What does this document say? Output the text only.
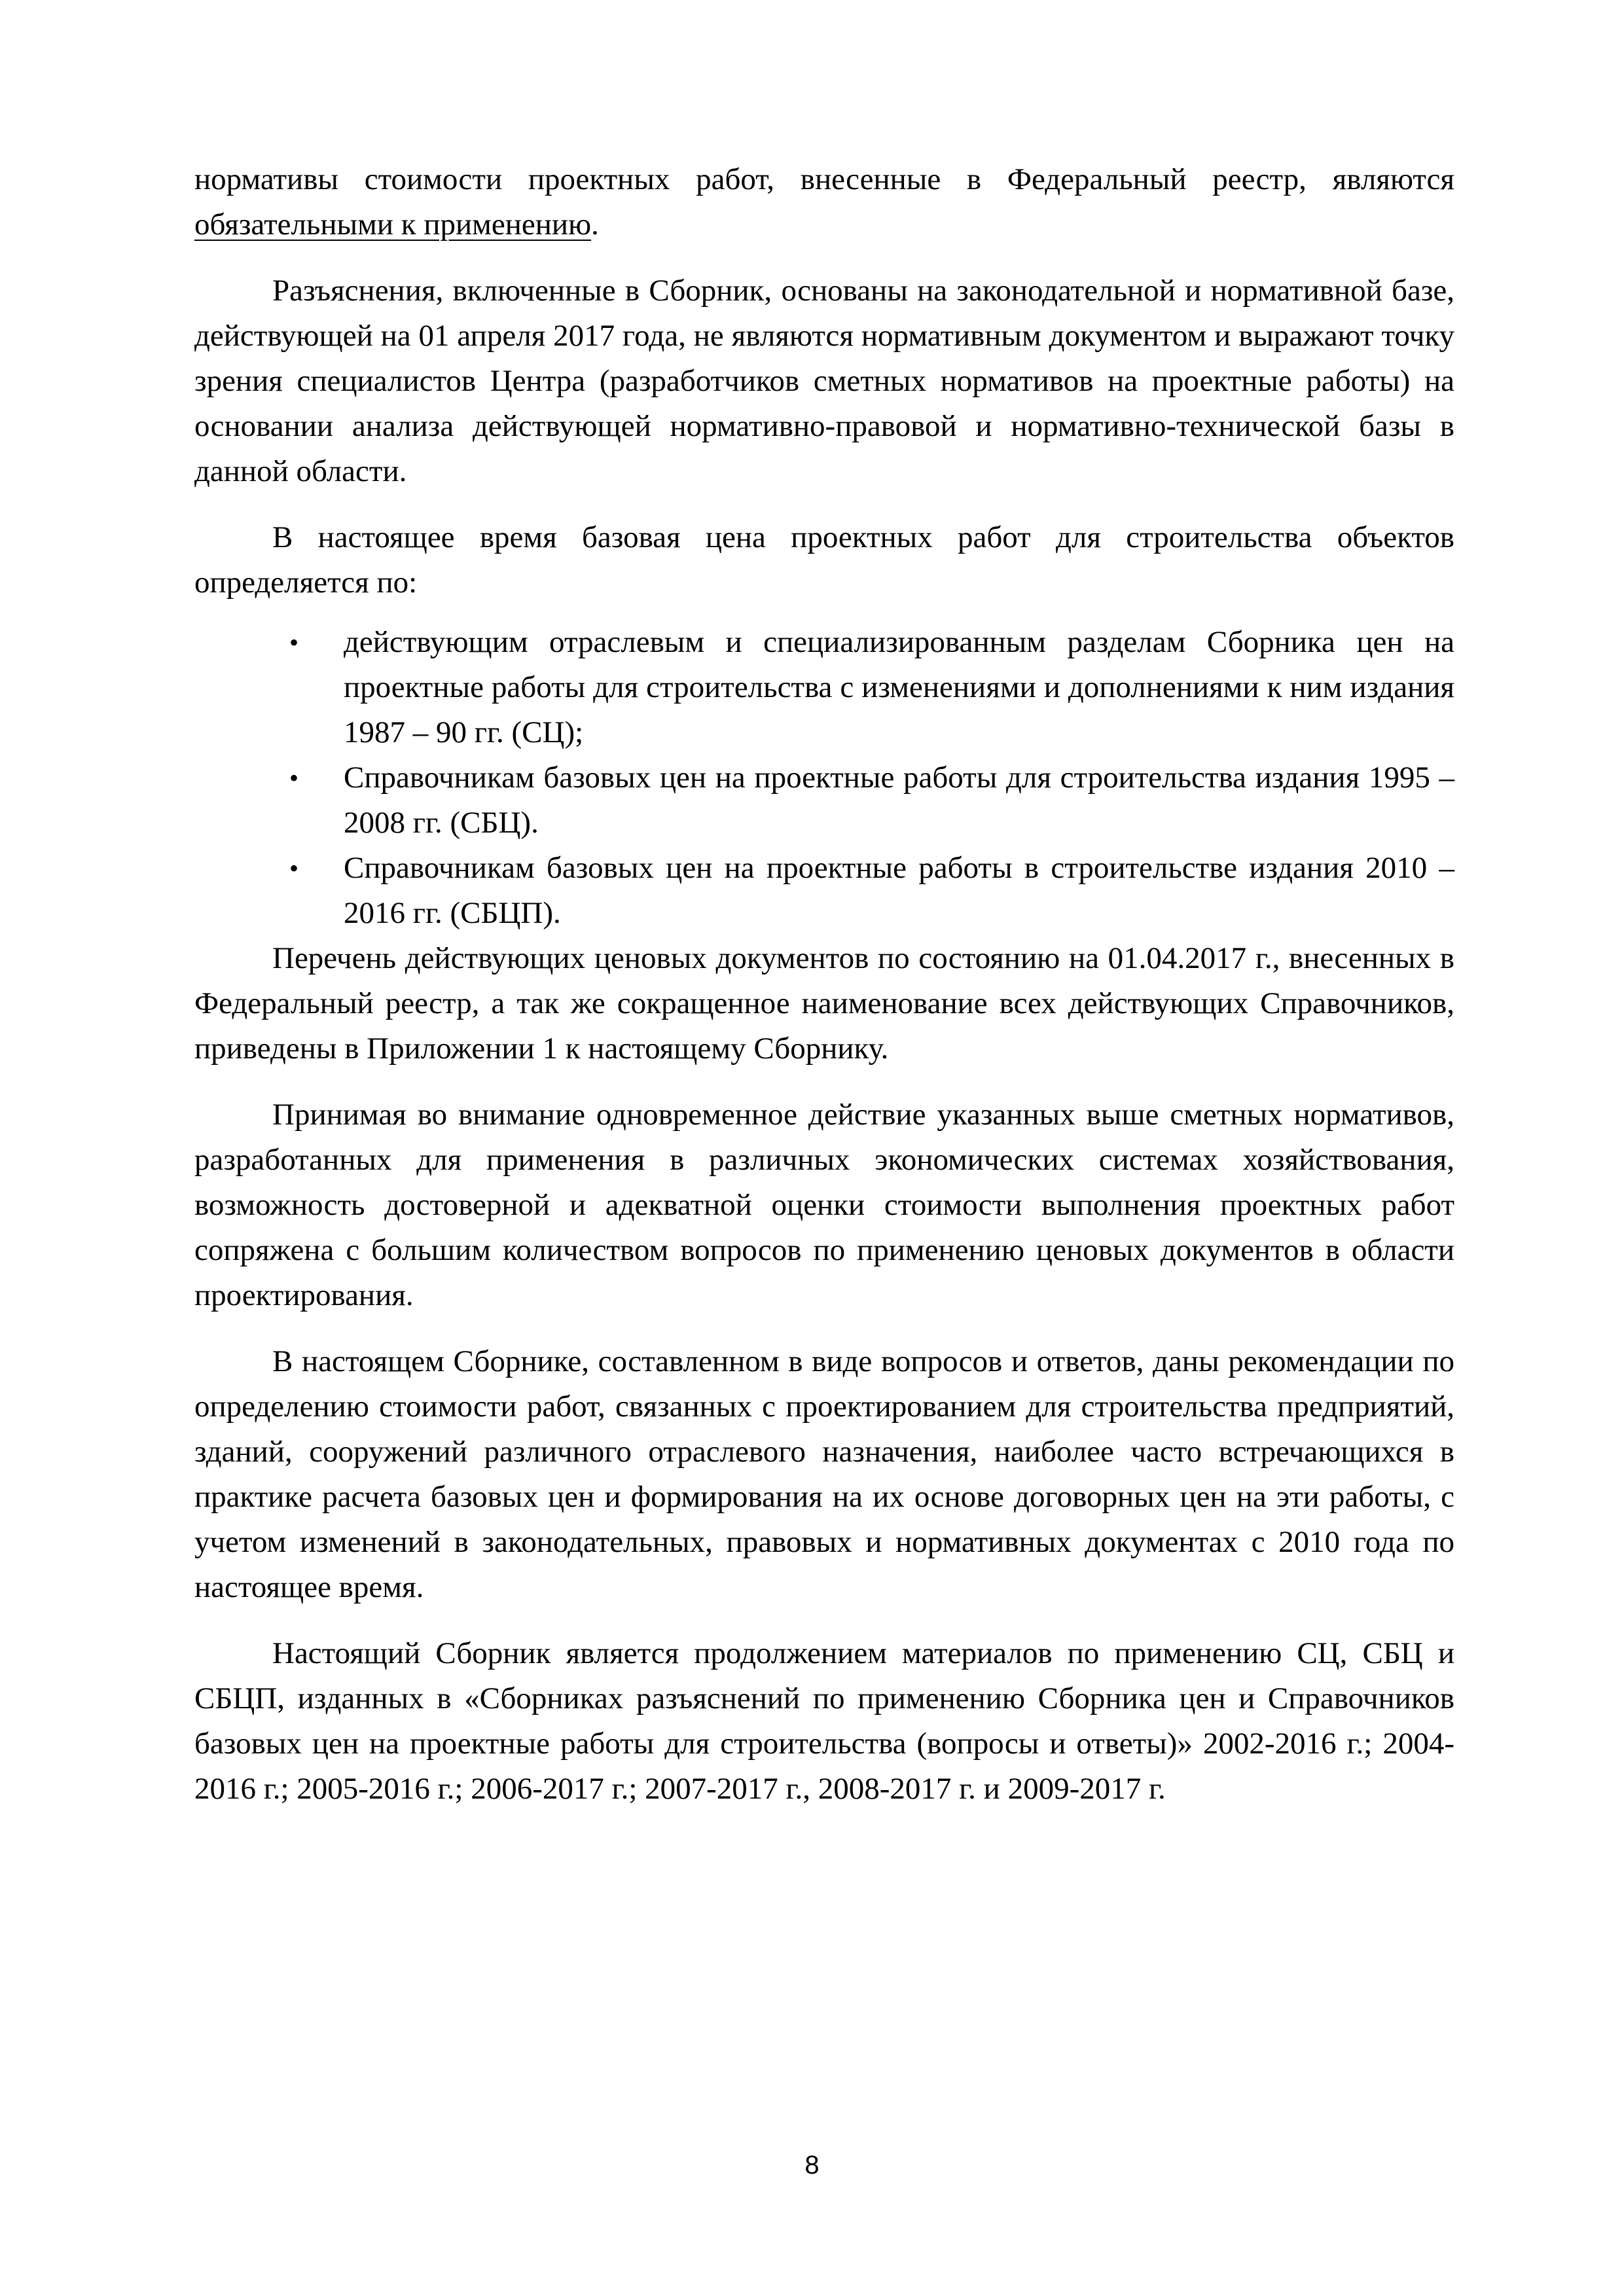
нормативы стоимости проектных работ, внесенные в Федеральный реестр, являются обязательными к применению.

Разъяснения, включенные в Сборник, основаны на законодательной и нормативной базе, действующей на 01 апреля 2017 года, не являются нормативным документом и выражают точку зрения специалистов Центра (разработчиков сметных нормативов на проектные работы) на основании анализа действующей нормативно-правовой и нормативно-технической базы в данной области.

В настоящее время базовая цена проектных работ для строительства объектов определяется по:

• действующим отраслевым и специализированным разделам Сборника цен на проектные работы для строительства с изменениями и дополнениями к ним издания 1987 – 90 гг. (СЦ);
• Справочникам базовых цен на проектные работы для строительства издания 1995 – 2008 гг. (СБЦ).
• Справочникам базовых цен на проектные работы в строительстве издания 2010 – 2016 гг. (СБЦП).

Перечень действующих ценовых документов по состоянию на 01.04.2017 г., внесенных в Федеральный реестр, а так же сокращенное наименование всех действующих Справочников, приведены в Приложении 1 к настоящему Сборнику.

Принимая во внимание одновременное действие указанных выше сметных нормативов, разработанных для применения в различных экономических системах хозяйствования, возможность достоверной и адекватной оценки стоимости выполнения проектных работ сопряжена с большим количеством вопросов по применению ценовых документов в области проектирования.

В настоящем Сборнике, составленном в виде вопросов и ответов, даны рекомендации по определению стоимости работ, связанных с проектированием для строительства предприятий, зданий, сооружений различного отраслевого назначения, наиболее часто встречающихся в практике расчета базовых цен и формирования на их основе договорных цен на эти работы, с учетом изменений в законодательных, правовых и нормативных документах с 2010 года по настоящее время.

Настоящий Сборник является продолжением материалов по применению СЦ, СБЦ и СБЦП, изданных в «Сборниках разъяснений по применению Сборника цен и Справочников базовых цен на проектные работы для строительства (вопросы и ответы)» 2002-2016 г.; 2004-2016 г.; 2005-2016 г.; 2006-2017 г.; 2007-2017 г., 2008-2017 г. и 2009-2017 г.

8
